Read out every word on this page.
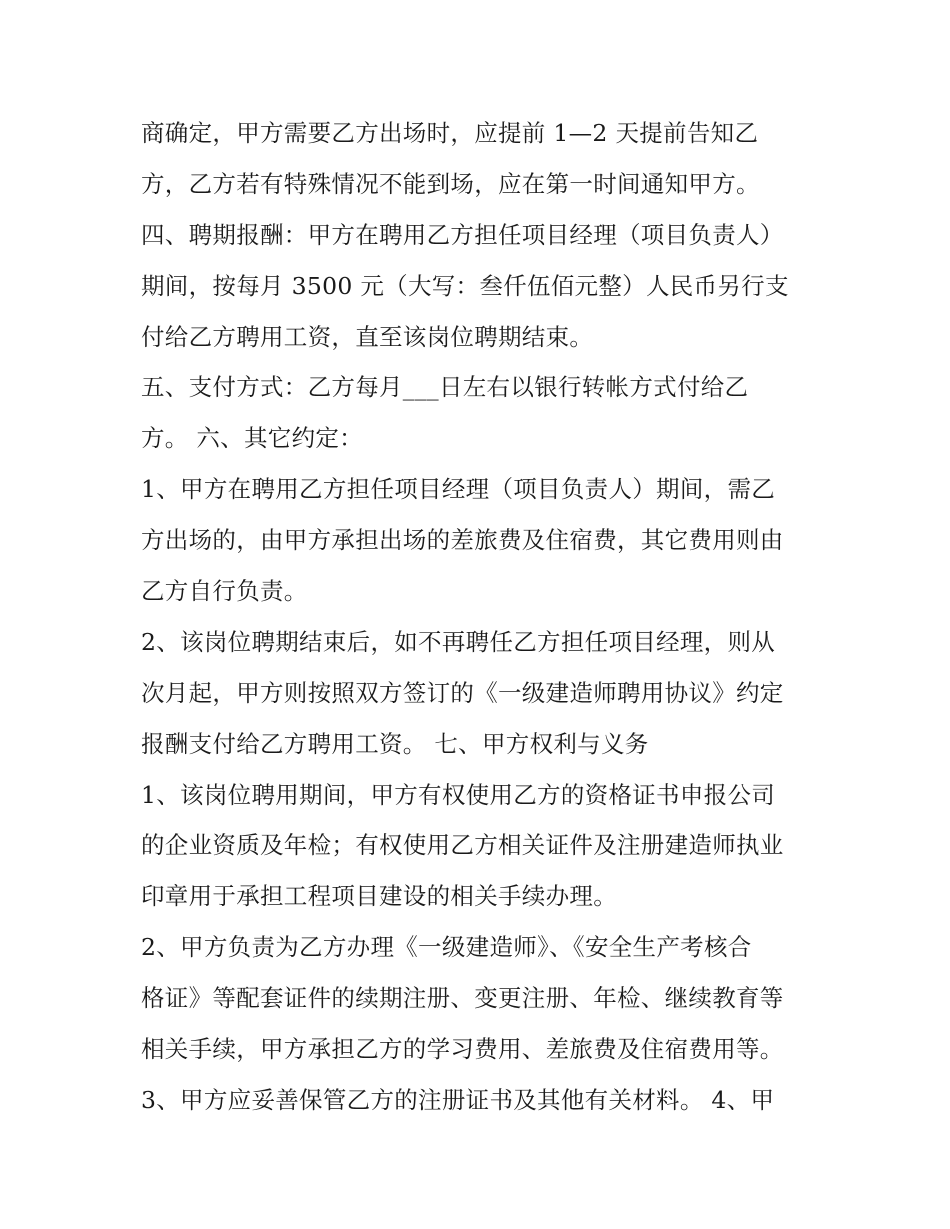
商确定，甲方需要乙方出场时，应提前 1—2 天提前告知乙
方，乙方若有特殊情况不能到场，应在第一时间通知甲方。
四、聘期报酬：甲方在聘用乙方担任项目经理（项目负责人）
期间，按每月 3500 元（大写：叁仟伍佰元整）人民币另行支
付给乙方聘用工资，直至该岗位聘期结束。
五、支付方式：乙方每月___日左右以银行转帐方式付给乙
方。 六、其它约定：
1、甲方在聘用乙方担任项目经理（项目负责人）期间，需乙
方出场的，由甲方承担出场的差旅费及住宿费，其它费用则由
乙方自行负责。
2、该岗位聘期结束后，如不再聘任乙方担任项目经理，则从
次月起，甲方则按照双方签订的《一级建造师聘用协议》约定
报酬支付给乙方聘用工资。 七、甲方权利与义务
1、该岗位聘用期间，甲方有权使用乙方的资格证书申报公司
的企业资质及年检；有权使用乙方相关证件及注册建造师执业
印章用于承担工程项目建设的相关手续办理。
2、甲方负责为乙方办理《一级建造师》、《安全生产考核合
格证》等配套证件的续期注册、变更注册、年检、继续教育等
相关手续，甲方承担乙方的学习费用、差旅费及住宿费用等。
3、甲方应妥善保管乙方的注册证书及其他有关材料。 4、甲
